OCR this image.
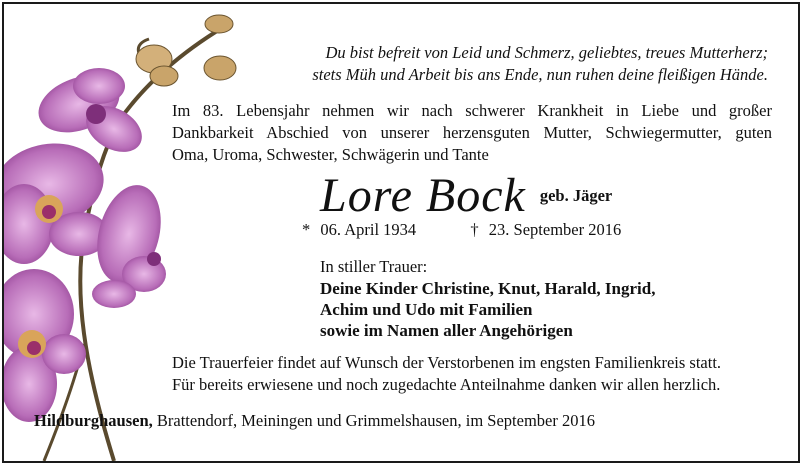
Du bist befreit von Leid und Schmerz, geliebtes, treues Mutterherz;
stets Müh und Arbeit bis ans Ende, nun ruhen deine fleißigen Hände.
Im 83. Lebensjahr nehmen wir nach schwerer Krankheit in Liebe und großer
Dankbarkeit Abschied von unserer herzensguten Mutter, Schwiegermutter, guten
Oma, Uroma, Schwester, Schwägerin und Tante
Lore Bock geb. Jäger
* 06. April 1934	† 23. September 2016
In stiller Trauer:
Deine Kinder Christine, Knut, Harald, Ingrid,
Achim und Udo mit Familien
sowie im Namen aller Angehörigen
Die Trauerfeier findet auf Wunsch der Verstorbenen im engsten Familienkreis statt.
Für bereits erwiesene und noch zugedachte Anteilnahme danken wir allen herzlich.
Hildburghausen, Brattendorf, Meiningen und Grimmelshausen, im September 2016
